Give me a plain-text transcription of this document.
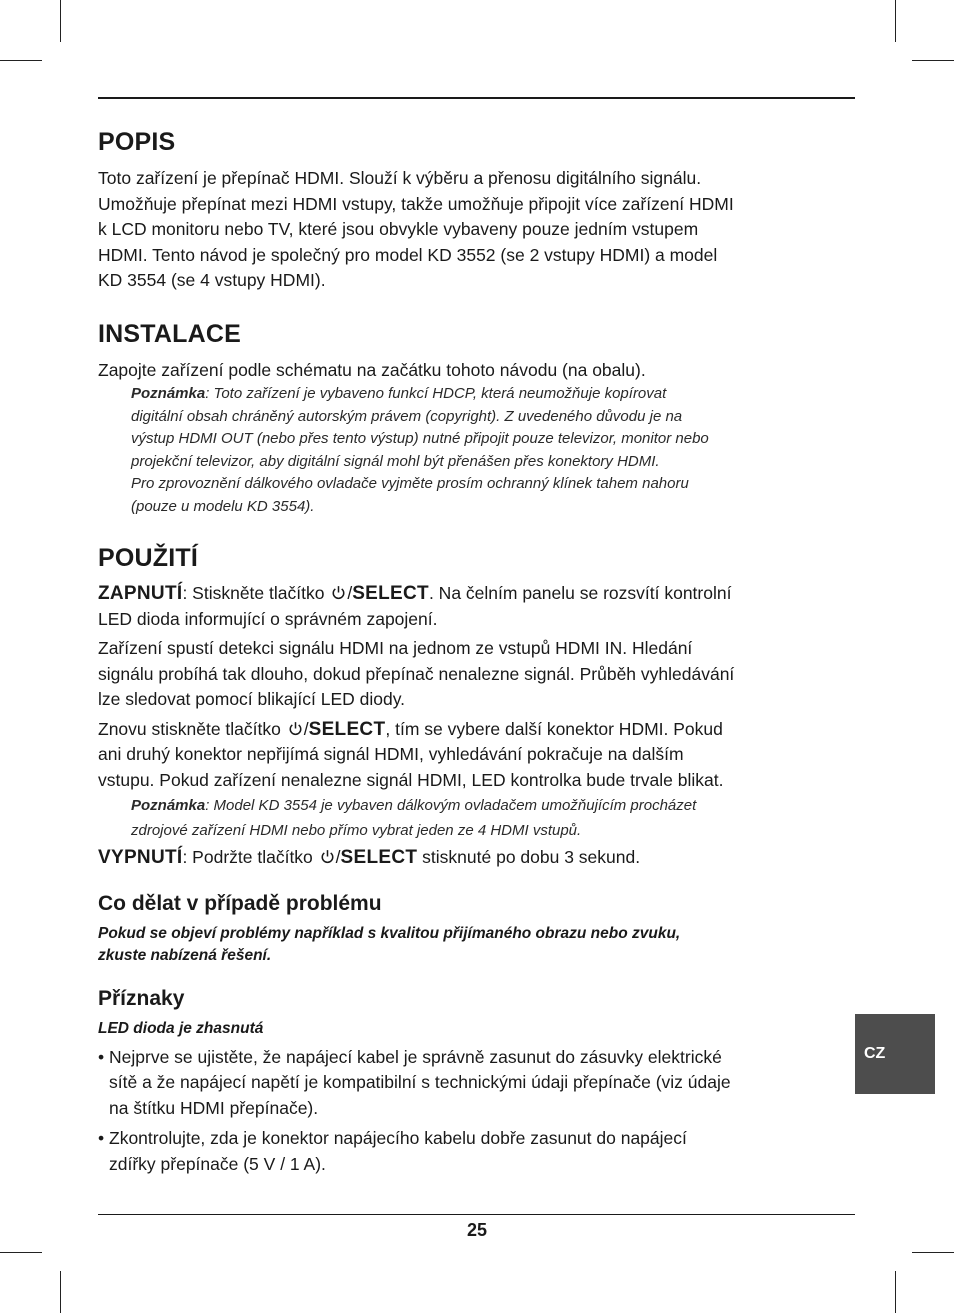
POPIS

Toto zařízení je přepínač HDMI. Slouží k výběru a přenosu digitálního signálu.

Umožňuje přepínat mezi HDMI vstupy, takže umožňuje připojit více zařízení HDMI

k LCD monitoru nebo TV, které jsou obvykle vybaveny pouze jedním vstupem

HDMI. Tento návod je společný pro model KD 3552 (se 2 vstupy HDMI) a model

KD 3554 (se 4 vstupy HDMI).

INSTALACE

Zapojte zařízení podle schématu na začátku tohoto návodu (na obalu).

Poznámka: Toto zařízení je vybaveno funkcí HDCP, která neumožňuje kopírovat
digitální obsah chráněný autorským právem (copyright). Z uvedeného důvodu je na
výstup HDMI OUT (nebo přes tento výstup) nutné připojit pouze televizor, monitor nebo
projekční televizor, aby digitální signál mohl být přenášen přes konektory HDMI.
Pro zprovoznění dálkového ovladače vyjměte prosím ochranný klínek tahem nahoru
(pouze u modelu KD 3554).
POUŽITÍ

ZAPNUTÍ: Stiskněte tlačítko /SELECT. Na čelním panelu se rozsvítí kontrolní

LED dioda informující o správném zapojení.

Zařízení spustí detekci signálu HDMI na jednom ze vstupů HDMI IN. Hledání

signálu probíhá tak dlouho, dokud přepínač nenalezne signál. Průběh vyhledávání

lze sledovat pomocí blikající LED diody.

Znovu stiskněte tlačítko /SELECT, tím se vybere další konektor HDMI. Pokud

ani druhý konektor nepřijímá signál HDMI, vyhledávání pokračuje na dalším

vstupu. Pokud zařízení nenalezne signál HDMI, LED kontrolka bude trvale blikat.

Poznámka: Model KD 3554 je vybaven dálkovým ovladačem umožňujícím procházet
zdrojové zařízení HDMI nebo přímo vybrat jeden ze 4 HDMI vstupů.

VYPNUTÍ: Podržte tlačítko /SELECT stisknuté po dobu 3 sekund.

Co dělat v případě problému

Pokud se objeví problémy například s kvalitou přijímaného obrazu nebo zvuku,

zkuste nabízená řešení.

Příznaky

LED dioda je zhasnutá

• Nejprve se ujistěte, že napájecí kabel je správně zasunut do zásuvky elektrické
sítě a že napájecí napětí je kompatibilní s technickými údaji přepínače (viz údaje
na štítku HDMI přepínače).
• Zkontrolujte, zda je konektor napájecího kabelu dobře zasunut do napájecí
zdířky přepínače (5 V / 1 A).
CZ
25
